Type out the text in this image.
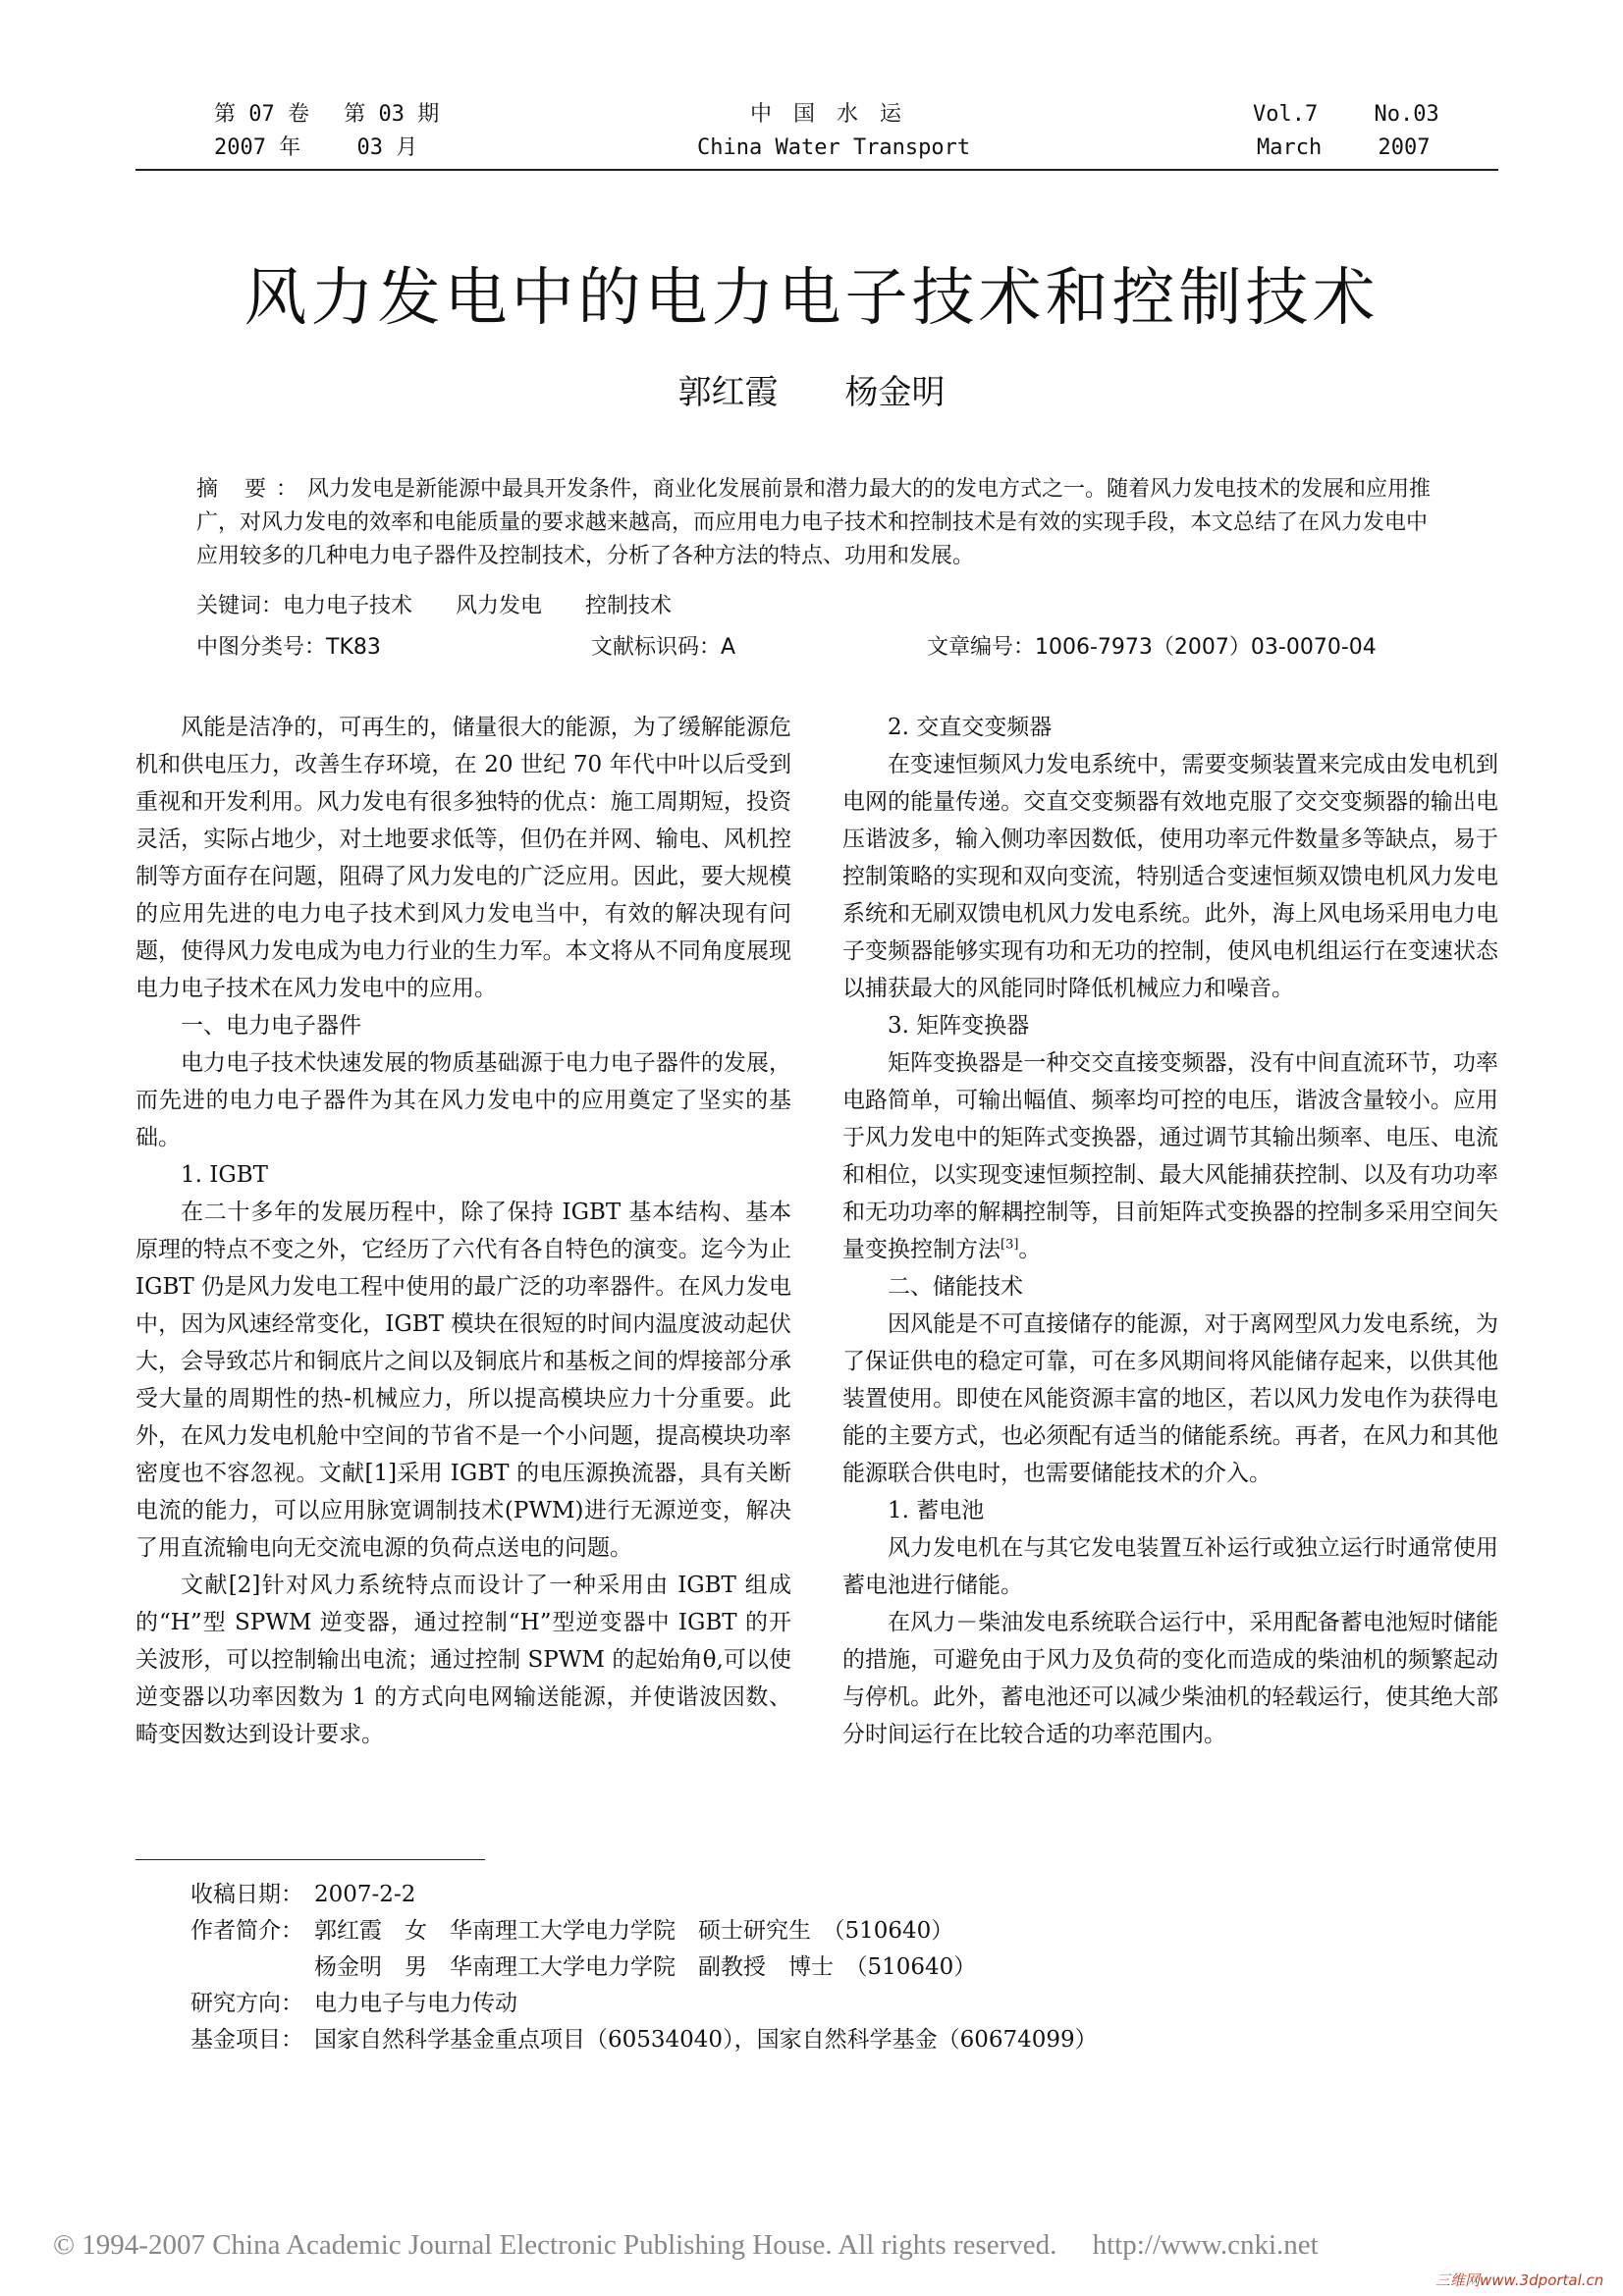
第 07 卷　 第 03 期
2007 年　　 03 月
中　国　水　运
China Water Transport
Vol.7　　 No.03
March　　 2007
风力发电中的电力电子技术和控制技术
郭红霞　　杨金明
摘 要：风力发电是新能源中最具开发条件，商业化发展前景和潜力最大的的发电方式之一。随着风力发电技术的发展和应用推广，对风力发电的效率和电能质量的要求越来越高，而应用电力电子技术和控制技术是有效的实现手段，本文总结了在风力发电中应用较多的几种电力电子器件及控制技术，分析了各种方法的特点、功用和发展。
关键词：电力电子技术　　风力发电　　控制技术
中图分类号：TK83	文献标识码：A	文章编号：1006-7973（2007）03-0070-04

风能是洁净的，可再生的，储量很大的能源，为了缓解能源危机和供电压力，改善生存环境，在 20 世纪 70 年代中叶以后受到重视和开发利用。风力发电有很多独特的优点：施工周期短，投资灵活，实际占地少，对土地要求低等，但仍在并网、输电、风机控制等方面存在问题，阻碍了风力发电的广泛应用。因此，要大规模的应用先进的电力电子技术到风力发电当中，有效的解决现有问题，使得风力发电成为电力行业的生力军。本文将从不同角度展现电力电子技术在风力发电中的应用。

一、电力电子器件

电力电子技术快速发展的物质基础源于电力电子器件的发展，而先进的电力电子器件为其在风力发电中的应用奠定了坚实的基础。

1. IGBT

在二十多年的发展历程中，除了保持 IGBT 基本结构、基本原理的特点不变之外，它经历了六代有各自特色的演变。迄今为止 IGBT 仍是风力发电工程中使用的最广泛的功率器件。在风力发电中，因为风速经常变化，IGBT 模块在很短的时间内温度波动起伏大，会导致芯片和铜底片之间以及铜底片和基板之间的焊接部分承受大量的周期性的热-机械应力，所以提高模块应力十分重要。此外，在风力发电机舱中空间的节省不是一个小问题，提高模块功率密度也不容忽视。文献[1]采用 IGBT 的电压源换流器，具有关断电流的能力，可以应用脉宽调制技术(PWM)进行无源逆变，解决了用直流输电向无交流电源的负荷点送电的问题。

文献[2]针对风力系统特点而设计了一种采用由 IGBT 组成的“H”型 SPWM 逆变器，通过控制“H”型逆变器中 IGBT 的开关波形，可以控制输出电流；通过控制 SPWM 的起始角θ,可以使逆变器以功率因数为 1 的方式向电网输送能源，并使谐波因数、畸变因数达到设计要求。

2. 交直交变频器

在变速恒频风力发电系统中，需要变频装置来完成由发电机到电网的能量传递。交直交变频器有效地克服了交交变频器的输出电压谐波多，输入侧功率因数低，使用功率元件数量多等缺点，易于控制策略的实现和双向变流，特别适合变速恒频双馈电机风力发电系统和无刷双馈电机风力发电系统。此外，海上风电场采用电力电子变频器能够实现有功和无功的控制，使风电机组运行在变速状态以捕获最大的风能同时降低机械应力和噪音。

3. 矩阵变换器

矩阵变换器是一种交交直接变频器，没有中间直流环节，功率电路简单，可输出幅值、频率均可控的电压，谐波含量较小。应用于风力发电中的矩阵式变换器，通过调节其输出频率、电压、电流和相位，以实现变速恒频控制、最大风能捕获控制、以及有功功率和无功功率的解耦控制等，目前矩阵式变换器的控制多采用空间矢量变换控制方法[3]。

二、储能技术

因风能是不可直接储存的能源，对于离网型风力发电系统，为了保证供电的稳定可靠，可在多风期间将风能储存起来，以供其他装置使用。即使在风能资源丰富的地区，若以风力发电作为获得电能的主要方式，也必须配有适当的储能系统。再者，在风力和其他能源联合供电时，也需要储能技术的介入。

1. 蓄电池

风力发电机在与其它发电装置互补运行或独立运行时通常使用蓄电池进行储能。

在风力－柴油发电系统联合运行中，采用配备蓄电池短时储能的措施，可避免由于风力及负荷的变化而造成的柴油机的频繁起动与停机。此外，蓄电池还可以减少柴油机的轻载运行，使其绝大部分时间运行在比较合适的功率范围内。

收稿日期： 2007-2-2
作者简介： 郭红霞　女　华南理工大学电力学院　硕士研究生　（510640）
杨金明　男　华南理工大学电力学院　副教授　博士　（510640）
研究方向： 电力电子与电力传动
基金项目： 国家自然科学基金重点项目（60534040），国家自然科学基金（60674099）
© 1994-2007 China Academic Journal Electronic Publishing House. All rights reserved.　 http://www.cnki.net
三维网www.3dportal.cn
